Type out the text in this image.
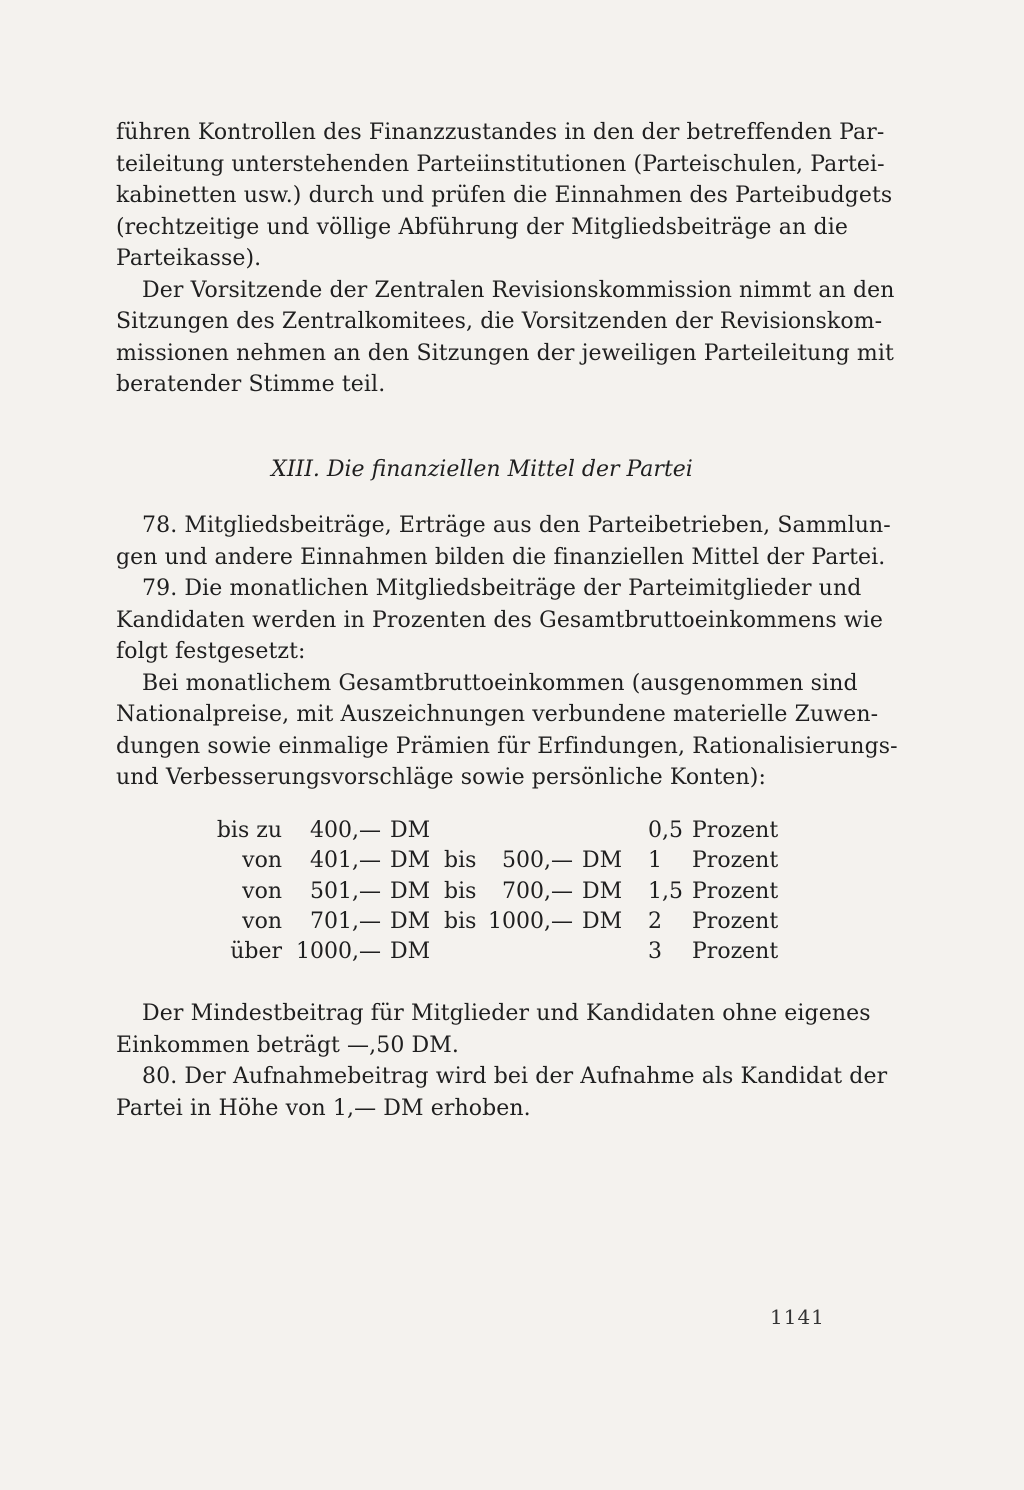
führen Kontrollen des Finanzzustandes in den der betreffenden Par-
teileitung unterstehenden Parteiinstitutionen (Parteischulen, Partei-
kabinetten usw.) durch und prüfen die Einnahmen des Parteibudgets
(rechtzeitige und völlige Abführung der Mitgliedsbeiträge an die
Parteikasse).
Der Vorsitzende der Zentralen Revisionskommission nimmt an den
Sitzungen des Zentralkomitees, die Vorsitzenden der Revisionskom-
missionen nehmen an den Sitzungen der jeweiligen Parteileitung mit
beratender Stimme teil.
XIII. Die finanziellen Mittel der Partei
78. Mitgliedsbeiträge, Erträge aus den Parteibetrieben, Sammlun-
gen und andere Einnahmen bilden die finanziellen Mittel der Partei.
79. Die monatlichen Mitgliedsbeiträge der Parteimitglieder und
Kandidaten werden in Prozenten des Gesamtbruttoeinkommens wie
folgt festgesetzt:
Bei monatlichem Gesamtbruttoeinkommen (ausgenommen sind
Nationalpreise, mit Auszeichnungen verbundene materielle Zuwen-
dungen sowie einmalige Prämien für Erfindungen, Rationalisierungs-
und Verbesserungsvorschläge sowie persönliche Konten):
bis zu 400,— DM	0,5 Prozent
von 401,— DM bis 500,— DM 1 Prozent
von 501,— DM bis 700,— DM 1,5 Prozent
von 701,— DM bis 1000,— DM 2 Prozent
über 1000,— DM	3 Prozent
Der Mindestbeitrag für Mitglieder und Kandidaten ohne eigenes
Einkommen beträgt —,50 DM.
80. Der Aufnahmebeitrag wird bei der Aufnahme als Kandidat der
Partei in Höhe von 1,— DM erhoben.
1141
